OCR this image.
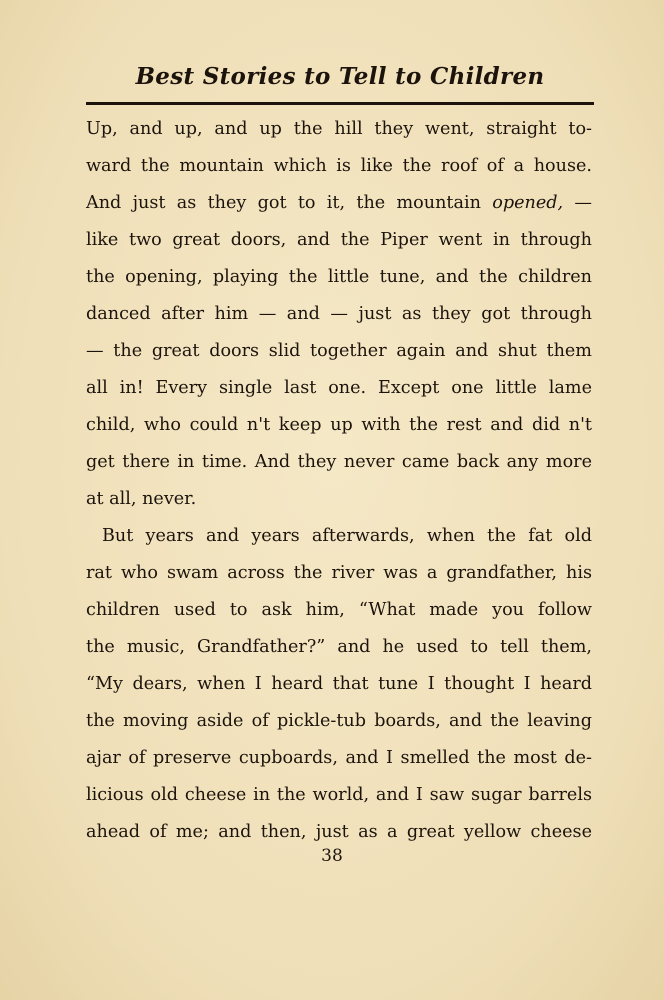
Best Stories to Tell to Children
Up, and up, and up the hill they went, straight to-
ward the mountain which is like the roof of a house.
And just as they got to it, the mountain opened, —
like two great doors, and the Piper went in through
the opening, playing the little tune, and the children
danced after him — and — just as they got through
— the great doors slid together again and shut them
all in! Every single last one. Except one little lame
child, who could n't keep up with the rest and did n't
get there in time. And they never came back any more
at all, never.
But years and years afterwards, when the fat old
rat who swam across the river was a grandfather, his
children used to ask him, “What made you follow
the music, Grandfather?” and he used to tell them,
“My dears, when I heard that tune I thought I heard
the moving aside of pickle-tub boards, and the leaving
ajar of preserve cupboards, and I smelled the most de-
licious old cheese in the world, and I saw sugar barrels
ahead of me; and then, just as a great yellow cheese
38
